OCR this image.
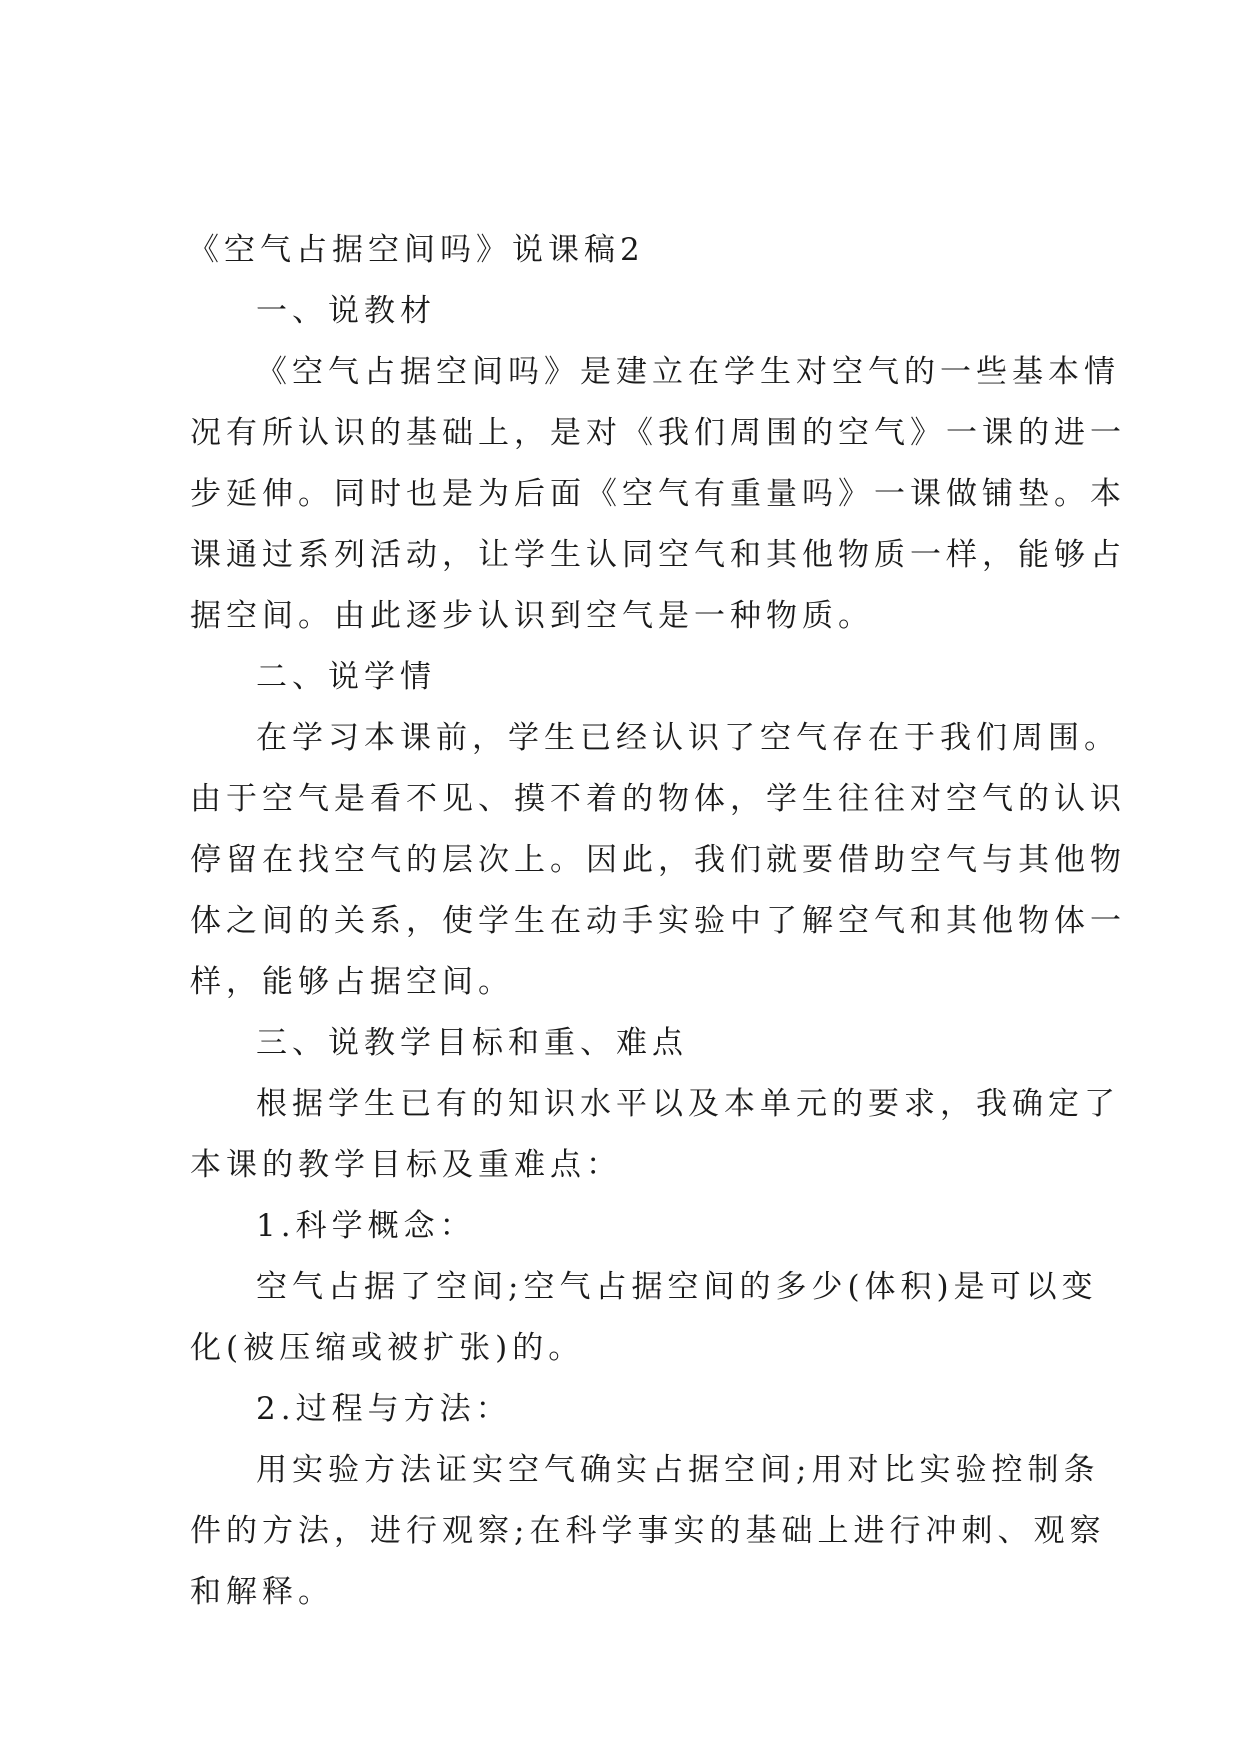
《空气占据空间吗》说课稿2
一、说教材
《空气占据空间吗》是建立在学生对空气的一些基本情
况有所认识的基础上，是对《我们周围的空气》一课的进一
步延伸。同时也是为后面《空气有重量吗》一课做铺垫。本
课通过系列活动，让学生认同空气和其他物质一样，能够占
据空间。由此逐步认识到空气是一种物质。
二、说学情
在学习本课前，学生已经认识了空气存在于我们周围。
由于空气是看不见、摸不着的物体，学生往往对空气的认识
停留在找空气的层次上。因此，我们就要借助空气与其他物
体之间的关系，使学生在动手实验中了解空气和其他物体一
样，能够占据空间。
三、说教学目标和重、难点
根据学生已有的知识水平以及本单元的要求，我确定了
本课的教学目标及重难点：
1.科学概念：
空气占据了空间;空气占据空间的多少(体积)是可以变
化(被压缩或被扩张)的。
2.过程与方法：
用实验方法证实空气确实占据空间;用对比实验控制条
件的方法，进行观察;在科学事实的基础上进行冲刺、观察
和解释。
